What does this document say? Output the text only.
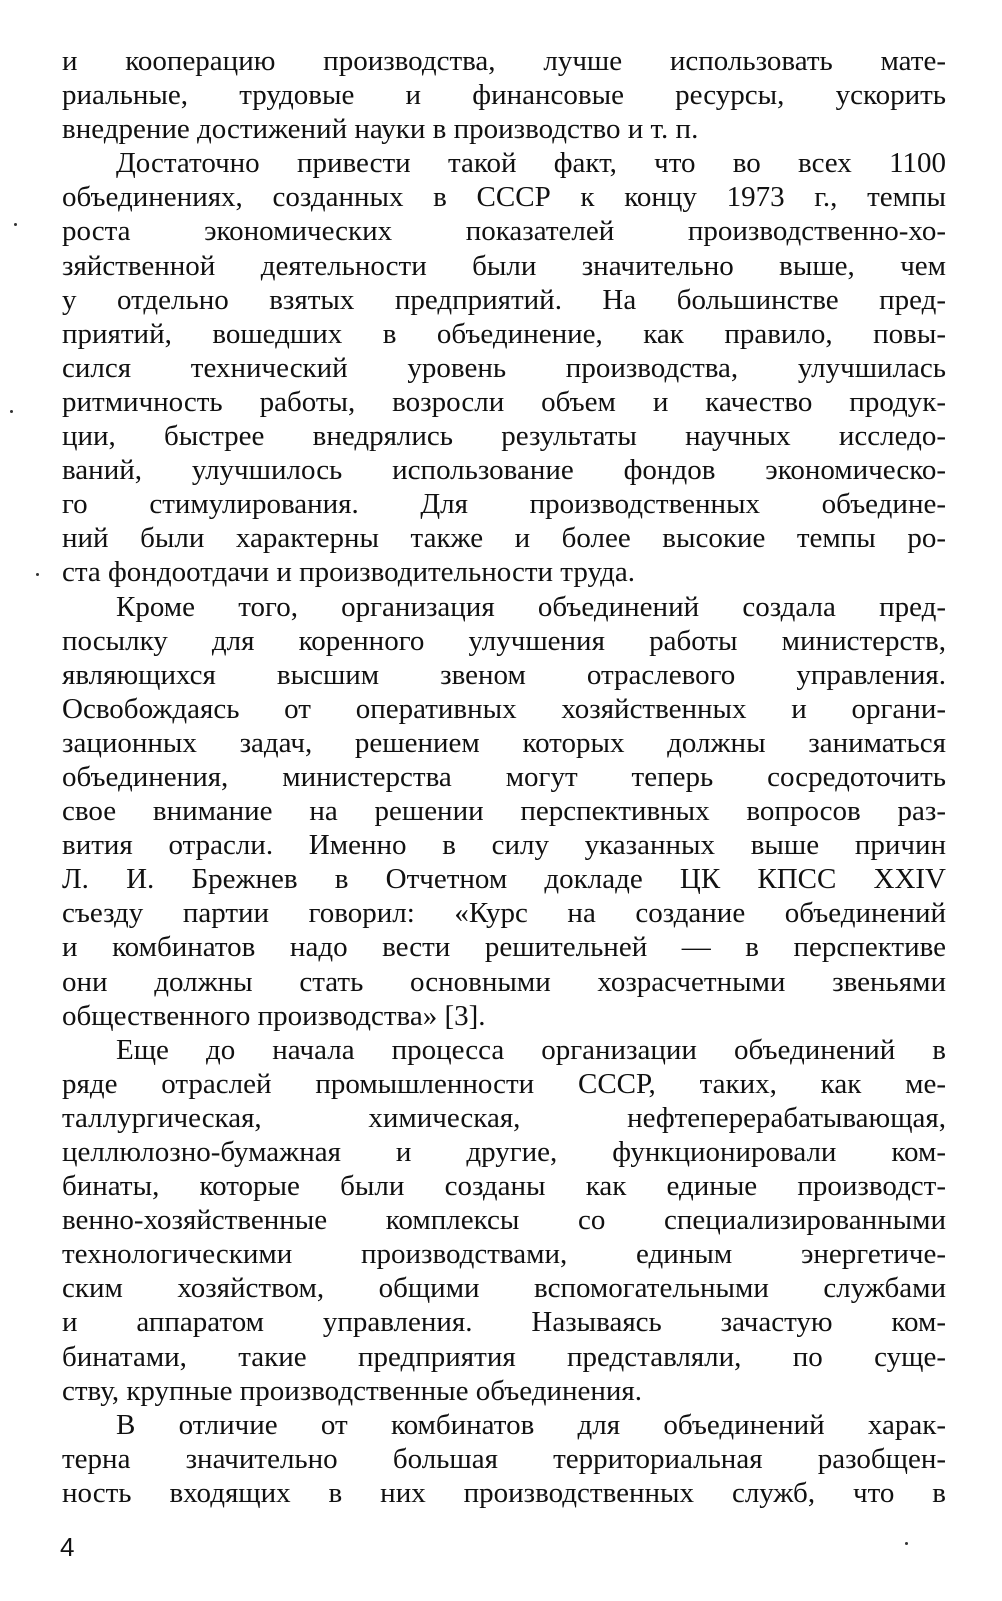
и кооперацию производства, лучше использовать мате-
риальные, трудовые и финансовые ресурсы, ускорить
внедрение достижений науки в производство и т. п.
Достаточно привести такой факт, что во всех 1100
объединениях, созданных в СССР к концу 1973 г., темпы
роста экономических показателей производственно-хо-
зяйственной деятельности были значительно выше, чем
у отдельно взятых предприятий. На большинстве пред-
приятий, вошедших в объединение, как правило, повы-
сился технический уровень производства, улучшилась
ритмичность работы, возросли объем и качество продук-
ции, быстрее внедрялись результаты научных исследо-
ваний, улучшилось использование фондов экономическо-
го стимулирования. Для производственных объедине-
ний были характерны также и более высокие темпы ро-
ста фондоотдачи и производительности труда.
Кроме того, организация объединений создала пред-
посылку для коренного улучшения работы министерств,
являющихся высшим звеном отраслевого управления.
Освобождаясь от оперативных хозяйственных и органи-
зационных задач, решением которых должны заниматься
объединения, министерства могут теперь сосредоточить
свое внимание на решении перспективных вопросов раз-
вития отрасли. Именно в силу указанных выше причин
Л. И. Брежнев в Отчетном докладе ЦК КПСС XXIV
съезду партии говорил: «Курс на создание объединений
и комбинатов надо вести решительней — в перспективе
они должны стать основными хозрасчетными звеньями
общественного производства» [3].
Еще до начала процесса организации объединений в
ряде отраслей промышленности СССР, таких, как ме-
таллургическая, химическая, нефтеперерабатывающая,
целлюлозно-бумажная и другие, функционировали ком-
бинаты, которые были созданы как единые производст-
венно-хозяйственные комплексы со специализированными
технологическими производствами, единым энергетиче-
ским хозяйством, общими вспомогательными службами
и аппаратом управления. Называясь зачастую ком-
бинатами, такие предприятия представляли, по суще-
ству, крупные производственные объединения.
В отличие от комбинатов для объединений харак-
терна значительно большая территориальная разобщен-
ность входящих в них производственных служб, что в
4
